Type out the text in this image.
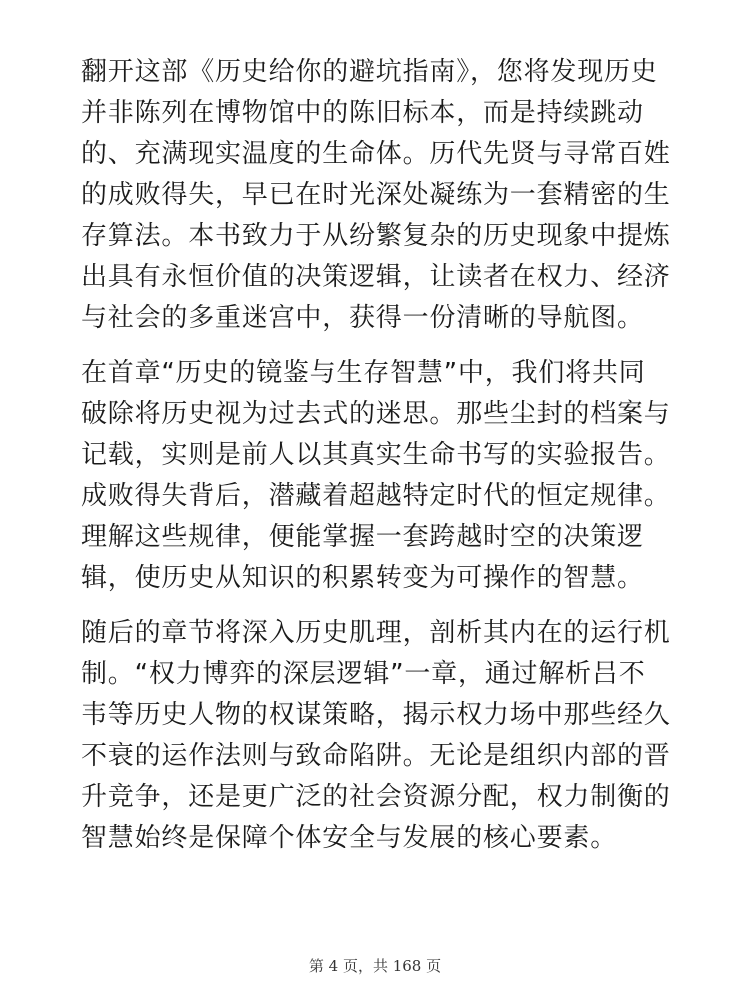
翻开这部《历史给你的避坑指南》，您将发现历史
并非陈列在博物馆中的陈旧标本，而是持续跳动
的、充满现实温度的生命体。历代先贤与寻常百姓
的成败得失，早已在时光深处凝练为一套精密的生
存算法。本书致力于从纷繁复杂的历史现象中提炼
出具有永恒价值的决策逻辑，让读者在权力、经济
与社会的多重迷宫中，获得一份清晰的导航图。

在首章“历史的镜鉴与生存智慧”中，我们将共同
破除将历史视为过去式的迷思。那些尘封的档案与
记载，实则是前人以其真实生命书写的实验报告。
成败得失背后，潜藏着超越特定时代的恒定规律。
理解这些规律，便能掌握一套跨越时空的决策逻
辑，使历史从知识的积累转变为可操作的智慧。

随后的章节将深入历史肌理，剖析其内在的运行机
制。“权力博弈的深层逻辑”一章，通过解析吕不
韦等历史人物的权谋策略，揭示权力场中那些经久
不衰的运作法则与致命陷阱。无论是组织内部的晋
升竞争，还是更广泛的社会资源分配，权力制衡的
智慧始终是保障个体安全与发展的核心要素。

第 4 页，共 168 页
